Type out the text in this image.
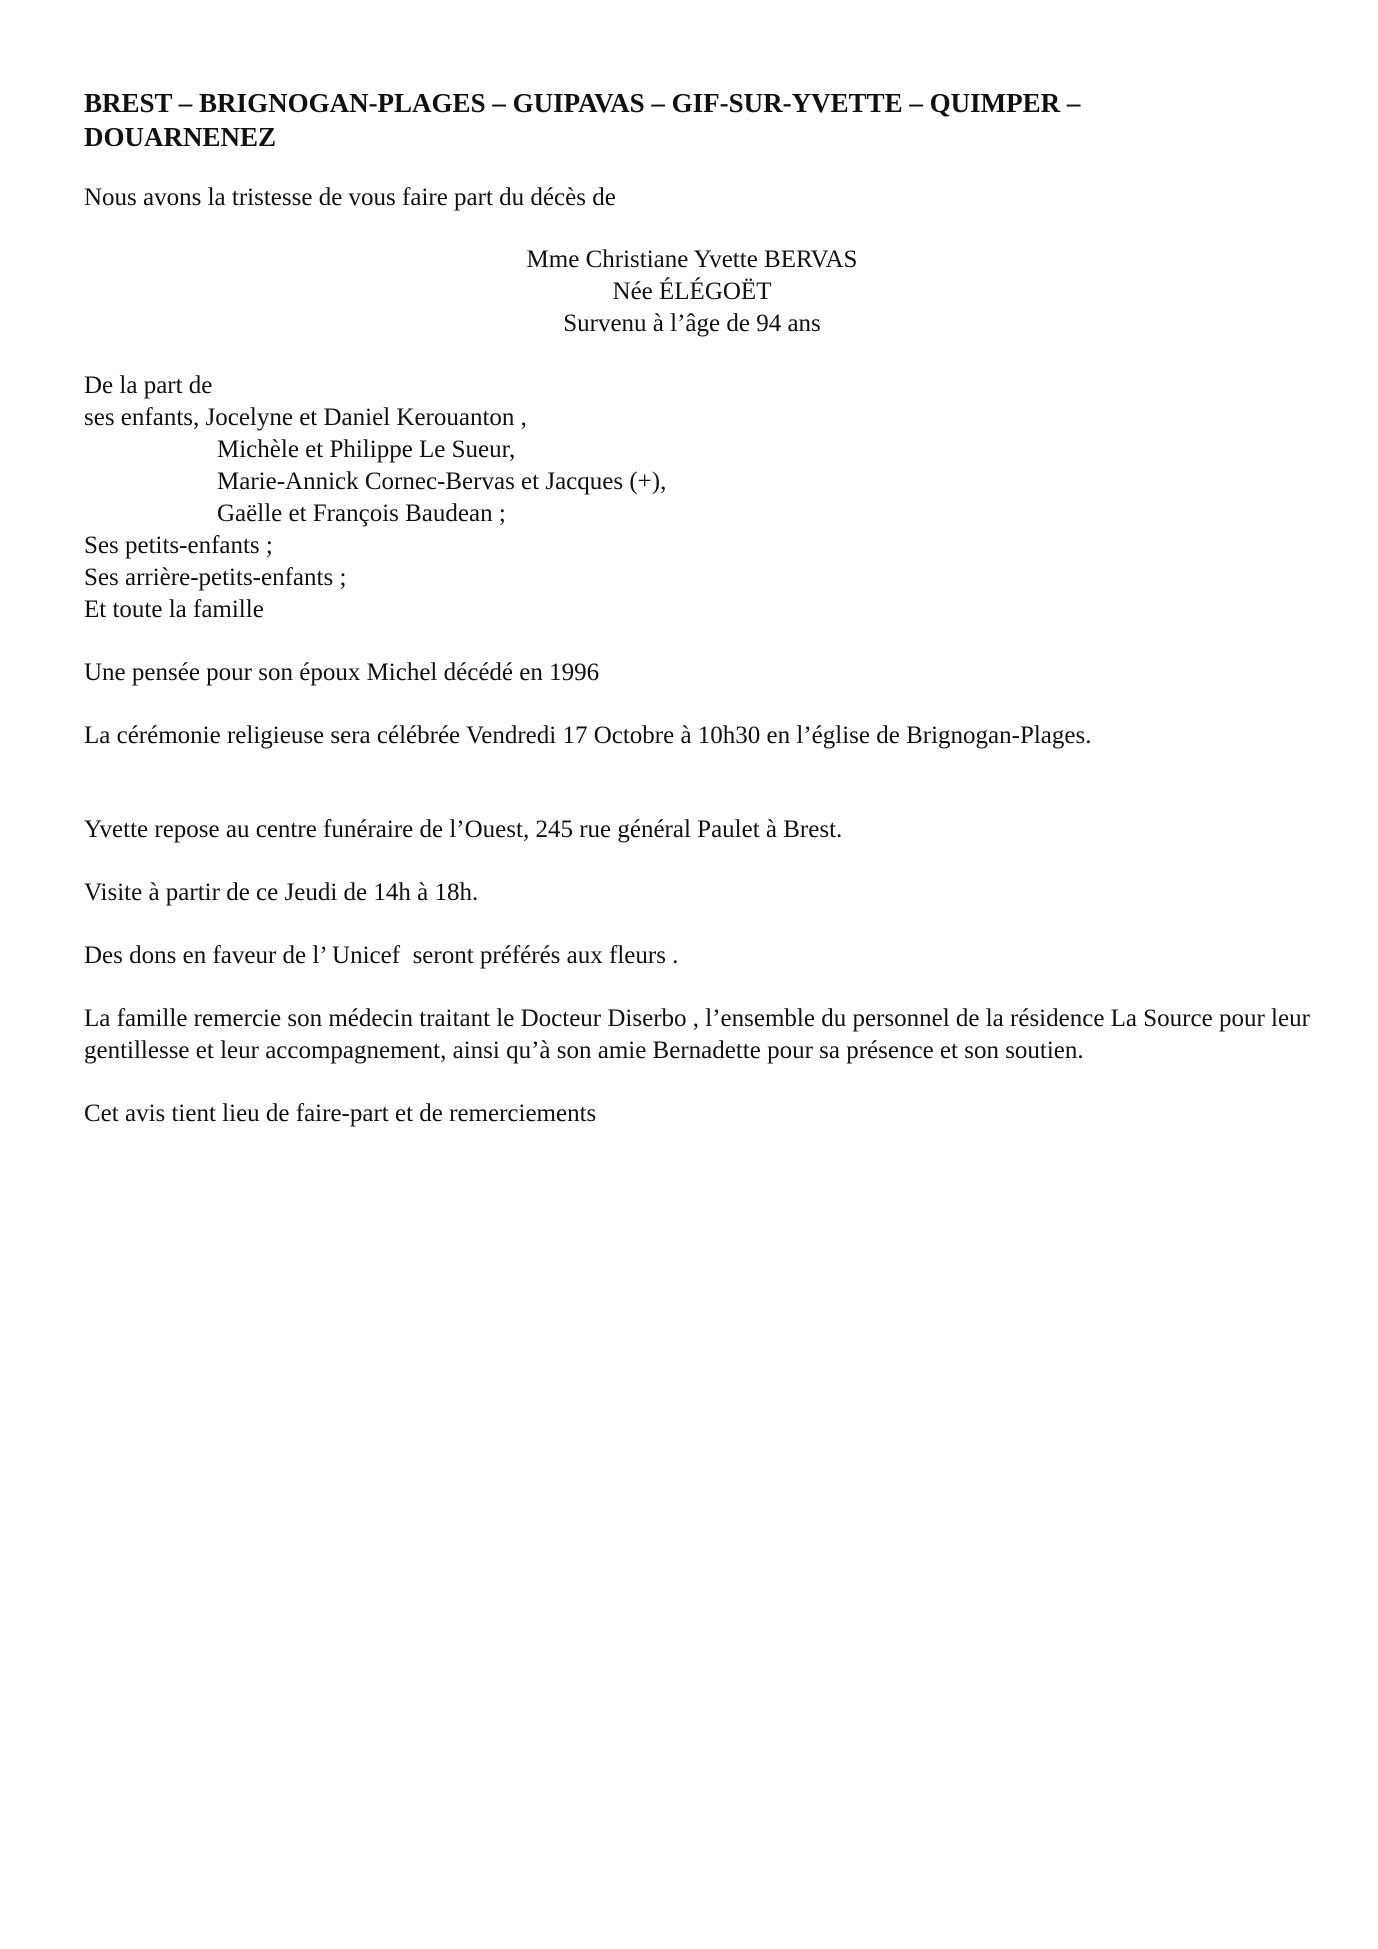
BREST – BRIGNOGAN-PLAGES – GUIPAVAS – GIF-SUR-YVETTE – QUIMPER –
DOUARNENEZ

Nous avons la tristesse de vous faire part du décès de

Mme Christiane Yvette BERVAS
Née ÉLÉGOËT
Survenu à l’âge de 94 ans
De la part de
ses enfants, Jocelyne et Daniel Kerouanton ,
Michèle et Philippe Le Sueur,
Marie-Annick Cornec-Bervas et Jacques (+),
Gaëlle et François Baudean ;
Ses petits-enfants ;
Ses arrière-petits-enfants ;
Et toute la famille

Une pensée pour son époux Michel décédé en 1996

La cérémonie religieuse sera célébrée Vendredi 17 Octobre à 10h30 en l’église de Brignogan-Plages.

Yvette repose au centre funéraire de l’Ouest, 245 rue général Paulet à Brest.

Visite à partir de ce Jeudi de 14h à 18h.

Des dons en faveur de l’ Unicef  seront préférés aux fleurs .

La famille remercie son médecin traitant le Docteur Diserbo , l’ensemble du personnel de la résidence La Source pour leur gentillesse et leur accompagnement, ainsi qu’à son amie Bernadette pour sa présence et son soutien.

Cet avis tient lieu de faire-part et de remerciements
